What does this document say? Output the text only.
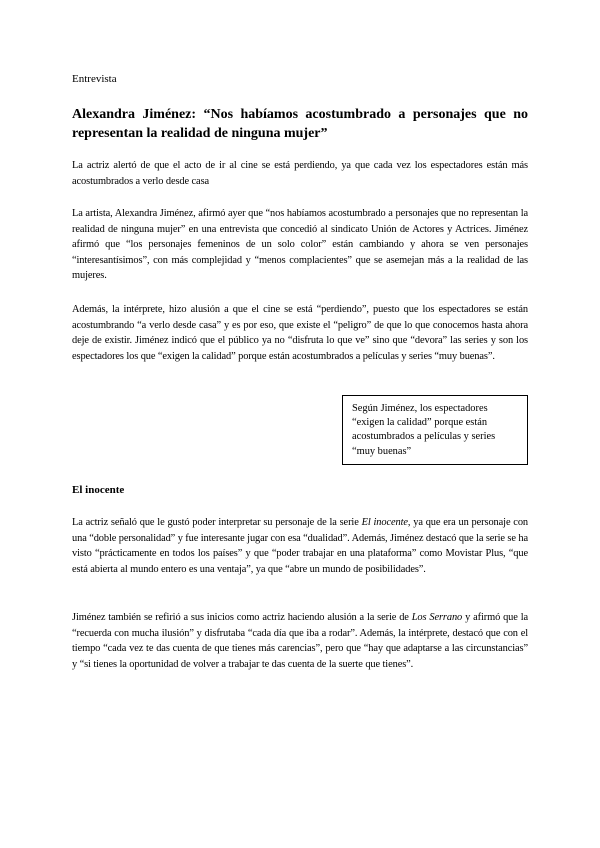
Entrevista
Alexandra Jiménez: “Nos habíamos acostumbrado a personajes que no representan la realidad de ninguna mujer”

La actriz alertó de que el acto de ir al cine se está perdiendo, ya que cada vez los espectadores están más acostumbrados a verlo desde casa

La artista, Alexandra Jiménez, afirmó ayer que “nos habíamos acostumbrado a personajes que no representan la realidad de ninguna mujer” en una entrevista que concedió al sindicato Unión de Actores y Actrices. Jiménez afirmó que “los personajes femeninos de un solo color” están cambiando y ahora se ven personajes “interesantísimos”, con más complejidad y “menos complacientes” que se asemejan más a la realidad de las mujeres.

Además, la intérprete, hizo alusión a que el cine se está “perdiendo”, puesto que los espectadores se están acostumbrando “a verlo desde casa” y es por eso, que existe el “peligro” de que lo que conocemos hasta ahora deje de existir. Jiménez indicó que el público ya no “disfruta lo que ve” sino que “devora” las series y son los espectadores los que “exigen la calidad” porque están acostumbrados a películas y series “muy buenas”.

Según Jiménez, los espectadores “exigen la calidad” porque están acostumbrados a películas y series “muy buenas”
El inocente

La actriz señaló que le gustó poder interpretar su personaje de la serie El inocente, ya que era un personaje con una “doble personalidad” y fue interesante jugar con esa “dualidad”. Además, Jiménez destacó que la serie se ha visto “prácticamente en todos los países” y que “poder trabajar en una plataforma” como Movistar Plus, “que está abierta al mundo entero es una ventaja”, ya que “abre un mundo de posibilidades”.

Jiménez también se refirió a sus inicios como actriz haciendo alusión a la serie de Los Serrano y afirmó que la “recuerda con mucha ilusión” y disfrutaba “cada día que iba a rodar”. Además, la intérprete, destacó que con el tiempo “cada vez te das cuenta de que tienes más carencias”, pero que “hay que adaptarse a las circunstancias” y “si tienes la oportunidad de volver a trabajar te das cuenta de la suerte que tienes”.
